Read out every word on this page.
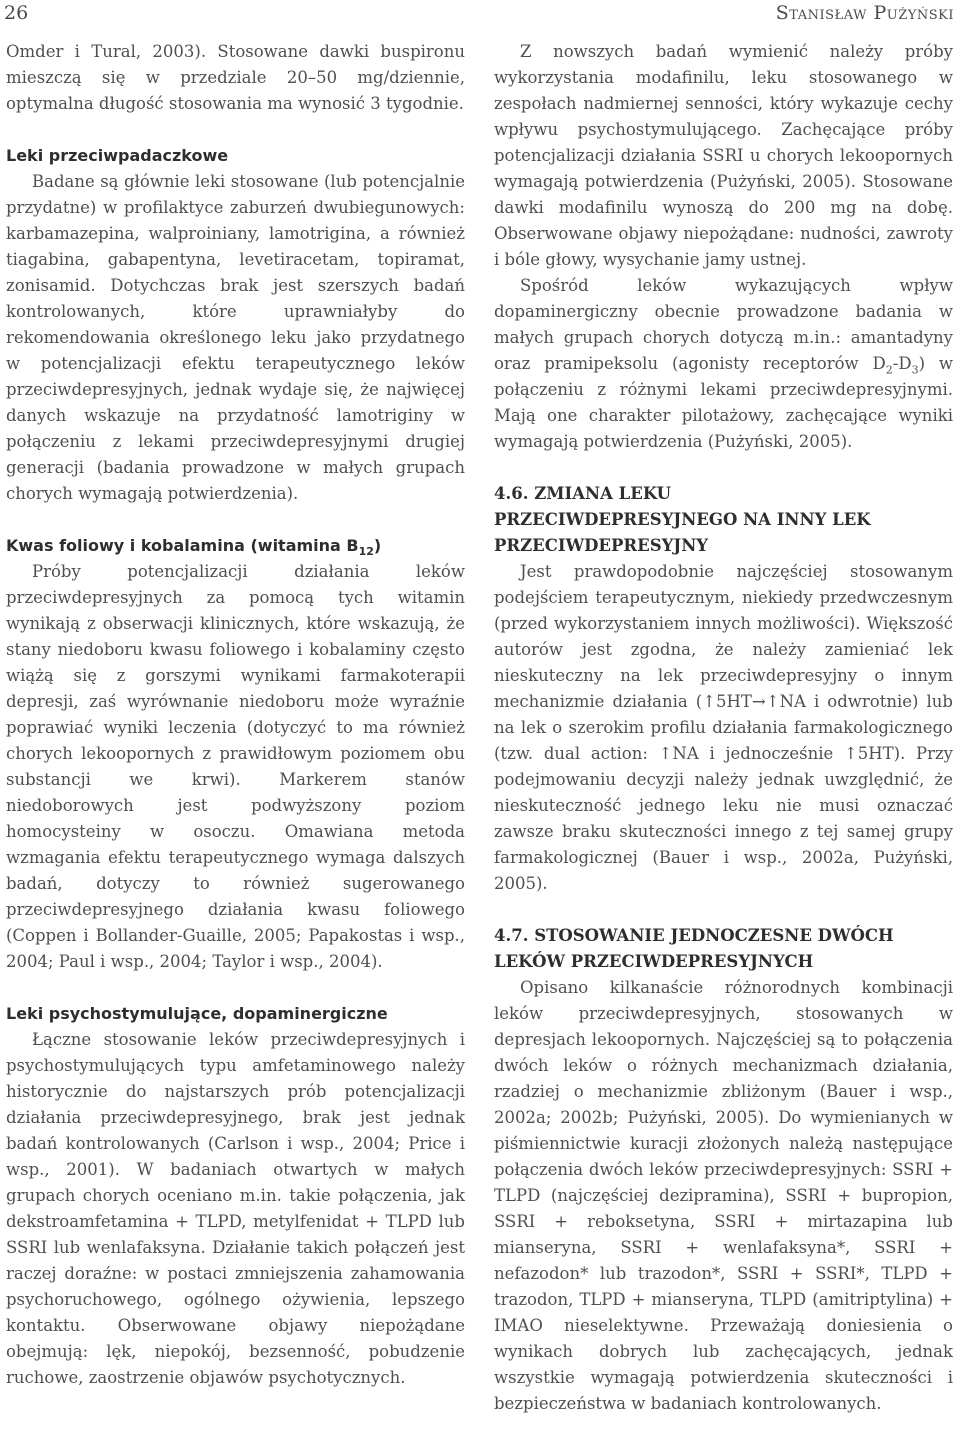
26	Stanisław Pużyński

Omder i Tural, 2003). Stosowane dawki buspironu mieszczą się w przedziale 20–50 mg/dziennie, optymalna długość stosowania ma wynosić 3 tygodnie.

Leki przeciwpadaczkowe

Badane są głównie leki stosowane (lub potencjalnie przydatne) w profilaktyce zaburzeń dwubiegunowych: karbamazepina, walproiniany, lamotrigina, a również tiagabina, gabapentyna, levetiracetam, topiramat, zonisamid. Dotychczas brak jest szerszych badań kontrolowanych, które uprawniałyby do rekomendowania określonego leku jako przydatnego w potencjalizacji efektu terapeutycznego leków przeciwdepresyjnych, jednak wydaje się, że najwięcej danych wskazuje na przydatność lamotriginy w połączeniu z lekami przeciwdepresyjnymi drugiej generacji (badania prowadzone w małych grupach chorych wymagają potwierdzenia).

Kwas foliowy i kobalamina (witamina $B_{12}$)

Próby potencjalizacji działania leków przeciwdepresyjnych za pomocą tych witamin wynikają z obserwacji klinicznych, które wskazują, że stany niedoboru kwasu foliowego i kobalaminy często wiążą się z gorszymi wynikami farmakoterapii depresji, zaś wyrównanie niedoboru może wyraźnie poprawiać wyniki leczenia (dotyczyć to ma również chorych lekoopornych z prawidłowym poziomem obu substancji we krwi). Markerem stanów niedoborowych jest podwyższony poziom homocysteiny w osoczu. Omawiana metoda wzmagania efektu terapeutycznego wymaga dalszych badań, dotyczy to również sugerowanego przeciwdepresyjnego działania kwasu foliowego (Coppen i Bollander-Guaille, 2005; Papakostas i wsp., 2004; Paul i wsp., 2004; Taylor i wsp., 2004).

Leki psychostymulujące, dopaminergiczne

Łączne stosowanie leków przeciwdepresyjnych i psychostymulujących typu amfetaminowego należy historycznie do najstarszych prób potencjalizacji działania przeciwdepresyjnego, brak jest jednak badań kontrolowanych (Carlson i wsp., 2004; Price i wsp., 2001). W badaniach otwartych w małych grupach chorych oceniano m.in. takie połączenia, jak dekstroamfetamina + TLPD, metylfenidat + TLPD lub SSRI lub wenlafaksyna. Działanie takich połączeń jest raczej doraźne: w postaci zmniejszenia zahamowania psychoruchowego, ogólnego ożywienia, lepszego kontaktu. Obserwowane objawy niepożądane obejmują: lęk, niepokój, bezsenność, pobudzenie ruchowe, zaostrzenie objawów psychotycznych.

Z nowszych badań wymienić należy próby wykorzystania modafinilu, leku stosowanego w zespołach nadmiernej senności, który wykazuje cechy wpływu psychostymulującego. Zachęcające próby potencjalizacji działania SSRI u chorych lekoopornych wymagają potwierdzenia (Pużyński, 2005). Stosowane dawki modafinilu wynoszą do 200 mg na dobę. Obserwowane objawy niepożądane: nudności, zawroty i bóle głowy, wysychanie jamy ustnej.

Spośród leków wykazujących wpływ dopaminergiczny obecnie prowadzone badania w małych grupach chorych dotyczą m.in.: amantadyny oraz pramipeksolu (agonisty receptorów $D_2-D_3$) w połączeniu z różnymi lekami przeciwdepresyjnymi. Mają one charakter pilotażowy, zachęcające wyniki wymagają potwierdzenia (Pużyński, 2005).

4.6. ZMIANA LEKU
PRZECIWDEPRESYJNEGO NA INNY LEK
PRZECIWDEPRESYJNY

Jest prawdopodobnie najczęściej stosowanym podejściem terapeutycznym, niekiedy przedwczesnym (przed wykorzystaniem innych możliwości). Większość autorów jest zgodna, że należy zamieniać lek nieskuteczny na lek przeciwdepresyjny o innym mechanizmie działania (↑5HT→↑NA i odwrotnie) lub na lek o szerokim profilu działania farmakologicznego (tzw. dual action: ↑NA i jednocześnie ↑5HT). Przy podejmowaniu decyzji należy jednak uwzględnić, że nieskuteczność jednego leku nie musi oznaczać zawsze braku skuteczności innego z tej samej grupy farmakologicznej (Bauer i wsp., 2002a, Pużyński, 2005).

4.7. STOSOWANIE JEDNOCZESNE DWÓCH
LEKÓW PRZECIWDEPRESYJNYCH

Opisano kilkanaście różnorodnych kombinacji leków przeciwdepresyjnych, stosowanych w depresjach lekoopornych. Najczęściej są to połączenia dwóch leków o różnych mechanizmach działania, rzadziej o mechanizmie zbliżonym (Bauer i wsp., 2002a; 2002b; Pużyński, 2005). Do wymienianych w piśmiennictwie kuracji złożonych należą następujące połączenia dwóch leków przeciwdepresyjnych: SSRI + TLPD (najczęściej dezipramina), SSRI + bupropion, SSRI + reboksetyna, SSRI + mirtazapina lub mianseryna, SSRI + wenlafaksyna*, SSRI + nefazodon* lub trazodon*, SSRI + SSRI*, TLPD + trazodon, TLPD + mianseryna, TLPD (amitriptylina) + IMAO nieselektywne. Przeważają doniesienia o wynikach dobrych lub zachęcających, jednak wszystkie wymagają potwierdzenia skuteczności i bezpieczeństwa w badaniach kontrolowanych.
